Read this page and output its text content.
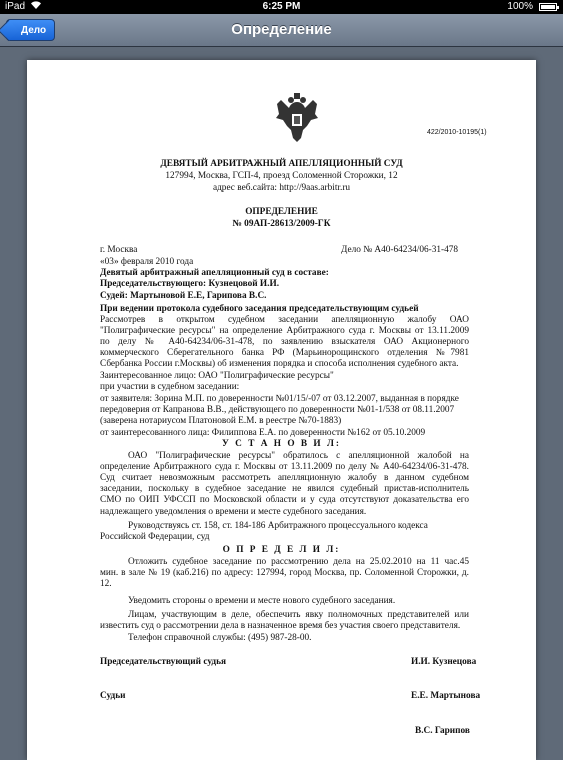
iPad	6:25 PM	100%
Дело	Определение
422/2010-10195(1)
ДЕВЯТЫЙ АРБИТРАЖНЫЙ АПЕЛЛЯЦИОННЫЙ СУД
127994, Москва, ГСП-4, проезд Соломенной Сторожки, 12
адрес веб.сайта: http://9aas.arbitr.ru
ОПРЕДЕЛЕНИЕ
№ 09АП-28613/2009-ГК
г. Москва	Дело № А40-64234/06-31-478
«03» февраля 2010 года
Девятый арбитражный апелляционный суд в составе:
Председательствующего: Кузнецовой И.И.
Судей: Мартыновой Е.Е, Гарипова В.С.
При ведении протокола судебного заседания председательствующим судьей
Рассмотрев в открытом судебном заседании апелляционную жалобу ОАО
"Полиграфические ресурсы" на определение Арбитражного суда г. Москвы от 13.11.2009
по делу № А40-64234/06-31-478, по заявлению взыскателя ОАО Акционерного
коммерческого Сберегательного банка РФ (Марьинорощинского отделения №7981
Сбербанка России г.Москвы) об изменения порядка и способа исполнения судебного акта.
Заинтересованное лицо: ОАО "Полиграфические ресурсы"
при участии в судебном заседании:
от заявителя: Зорина М.П. по доверенности №01/15/-07 от 03.12.2007, выданная в порядке
передоверия от Капранова В.В., действующего по доверенности №01-1/538 от 08.11.2007
(заверена нотариусом Платоновой Е.М. в реестре №70-1883)
от заинтересованного лица: Филиппова Е.А. по доверенности №162 от 05.10.2009
У С Т А Н О В И Л:
ОАО "Полиграфические ресурсы" обратилось с апелляционной жалобой на
определение Арбитражного суда г. Москвы от 13.11.2009 по делу № А40-64234/06-31-478.
Суд считает невозможным рассмотреть апелляционную жалобу в данном судебном
заседании, поскольку в судебное заседание не явился судебный пристав-исполнитель
СМО по ОИП УФССП по Московской области и у суда отсутствуют доказательства его
надлежащего уведомления о времени и месте судебного заседания.
Руководствуясь ст. 158, ст. 184-186 Арбитражного процессуального кодекса
Российской Федерации, суд
О П Р Е Д Е Л И Л:
Отложить судебное заседание по рассмотрению дела на 25.02.2010 на 11 час.45
мин. в зале № 19 (каб.216) по адресу: 127994, город Москва, пр. Соломенной Сторожки, д.
12.
Уведомить стороны о времени и месте нового судебного заседания.
Лицам, участвующим в деле, обеспечить явку полномочных представителей или
известить суд о рассмотрении дела в назначенное время без участия своего представителя.
Телефон справочной службы: (495) 987-28-00.
Председательствующий судья	И.И. Кузнецова
Судьи	Е.Е. Мартынова
В.С. Гарипов
